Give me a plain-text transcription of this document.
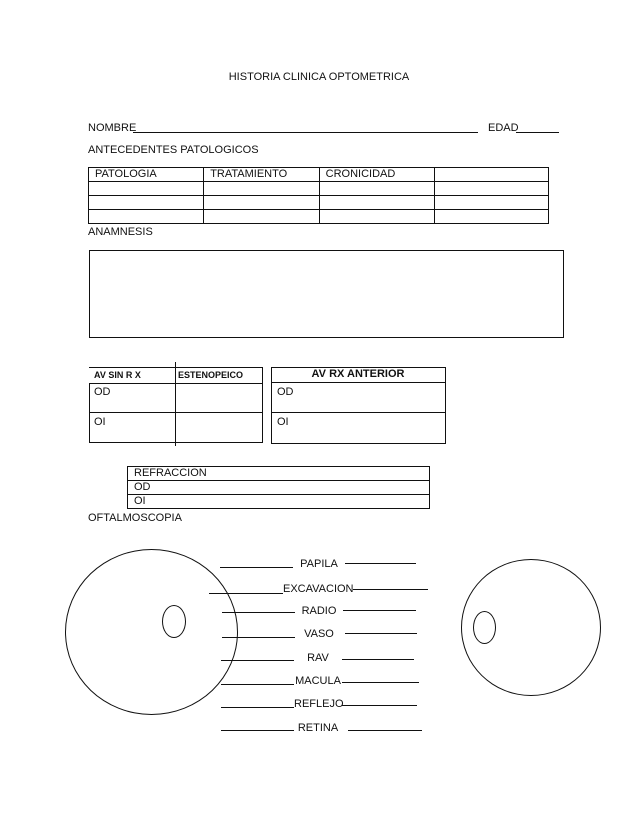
HISTORIA CLINICA OPTOMETRICA
NOMBRE	EDAD
ANTECEDENTES PATOLOGICOS
PATOLOGIA	TRATAMIENTO	CRONICIDAD	

ANAMNESIS
AV SIN R X	ESTENOPEICO
OD
OI
AV RX ANTERIOR
OD
OI
REFRACCION
OD
OI
OFTALMOSCOPIA
PAPILA
EXCAVACION
RADIO
VASO
RAV
MACULA
REFLEJO
RETINA
